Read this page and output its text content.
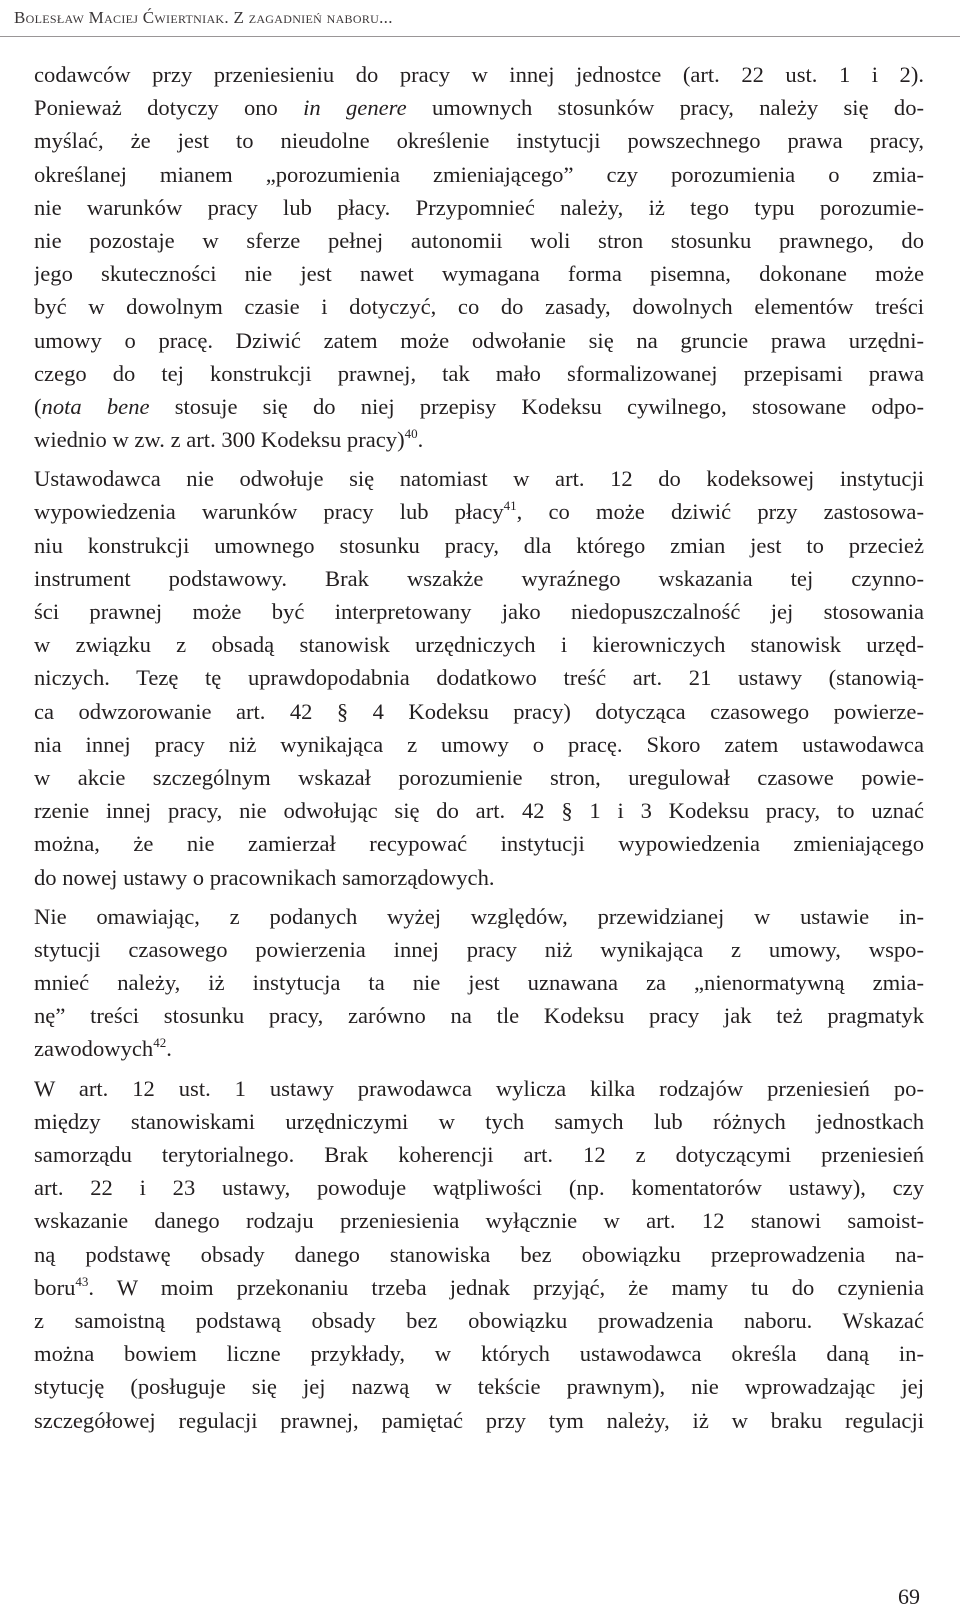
Bolesław Maciej Ćwiertniak. Z zagadnień naboru...
codawców przy przeniesieniu do pracy w innej jednostce (art. 22 ust. 1 i 2).
Ponieważ dotyczy ono in genere umownych stosunków pracy, należy się do-
myślać, że jest to nieudolne określenie instytucji powszechnego prawa pracy,
określanej mianem „porozumienia zmieniającego” czy porozumienia o zmia-
nie warunków pracy lub płacy. Przypomnieć należy, iż tego typu porozumie-
nie pozostaje w sferze pełnej autonomii woli stron stosunku prawnego, do
jego skuteczności nie jest nawet wymagana forma pisemna, dokonane może
być w dowolnym czasie i dotyczyć, co do zasady, dowolnych elementów treści
umowy o pracę. Dziwić zatem może odwołanie się na gruncie prawa urzędni-
czego do tej konstrukcji prawnej, tak mało sformalizowanej przepisami prawa
(nota bene stosuje się do niej przepisy Kodeksu cywilnego, stosowane odpo-
wiednio w zw. z art. 300 Kodeksu pracy)$^{40}$.
Ustawodawca nie odwołuje się natomiast w art. 12 do kodeksowej instytucji
wypowiedzenia warunków pracy lub płacy$^{41}$, co może dziwić przy zastosowa-
niu konstrukcji umownego stosunku pracy, dla którego zmian jest to przecież
instrument podstawowy. Brak wszakże wyraźnego wskazania tej czynno-
ści prawnej może być interpretowany jako niedopuszczalność jej stosowania
w związku z obsadą stanowisk urzędniczych i kierowniczych stanowisk urzęd-
niczych. Tezę tę uprawdopodabnia dodatkowo treść art. 21 ustawy (stanowią-
ca odwzorowanie art. 42 § 4 Kodeksu pracy) dotycząca czasowego powierze-
nia innej pracy niż wynikająca z umowy o pracę. Skoro zatem ustawodawca
w akcie szczególnym wskazał porozumienie stron, uregulował czasowe powie-
rzenie innej pracy, nie odwołując się do art. 42 § 1 i 3 Kodeksu pracy, to uznać
można, że nie zamierzał recypować instytucji wypowiedzenia zmieniającego
do nowej ustawy o pracownikach samorządowych.
Nie omawiając, z podanych wyżej względów, przewidzianej w ustawie in-
stytucji czasowego powierzenia innej pracy niż wynikająca z umowy, wspo-
mnieć należy, iż instytucja ta nie jest uznawana za „nienormatywną zmia-
nę” treści stosunku pracy, zarówno na tle Kodeksu pracy jak też pragmatyk
zawodowych$^{42}$.
W art. 12 ust. 1 ustawy prawodawca wylicza kilka rodzajów przeniesień po-
między stanowiskami urzędniczymi w tych samych lub różnych jednostkach
samorządu terytorialnego. Brak koherencji art. 12 z dotyczącymi przeniesień
art. 22 i 23 ustawy, powoduje wątpliwości (np. komentatorów ustawy), czy
wskazanie danego rodzaju przeniesienia wyłącznie w art. 12 stanowi samoist-
ną podstawę obsady danego stanowiska bez obowiązku przeprowadzenia na-
boru$^{43}$. W moim przekonaniu trzeba jednak przyjąć, że mamy tu do czynienia
z samoistną podstawą obsady bez obowiązku prowadzenia naboru. Wskazać
można bowiem liczne przykłady, w których ustawodawca określa daną in-
stytucję (posługuje się jej nazwą w tekście prawnym), nie wprowadzając jej
szczegółowej regulacji prawnej, pamiętać przy tym należy, iż w braku regulacji
69
